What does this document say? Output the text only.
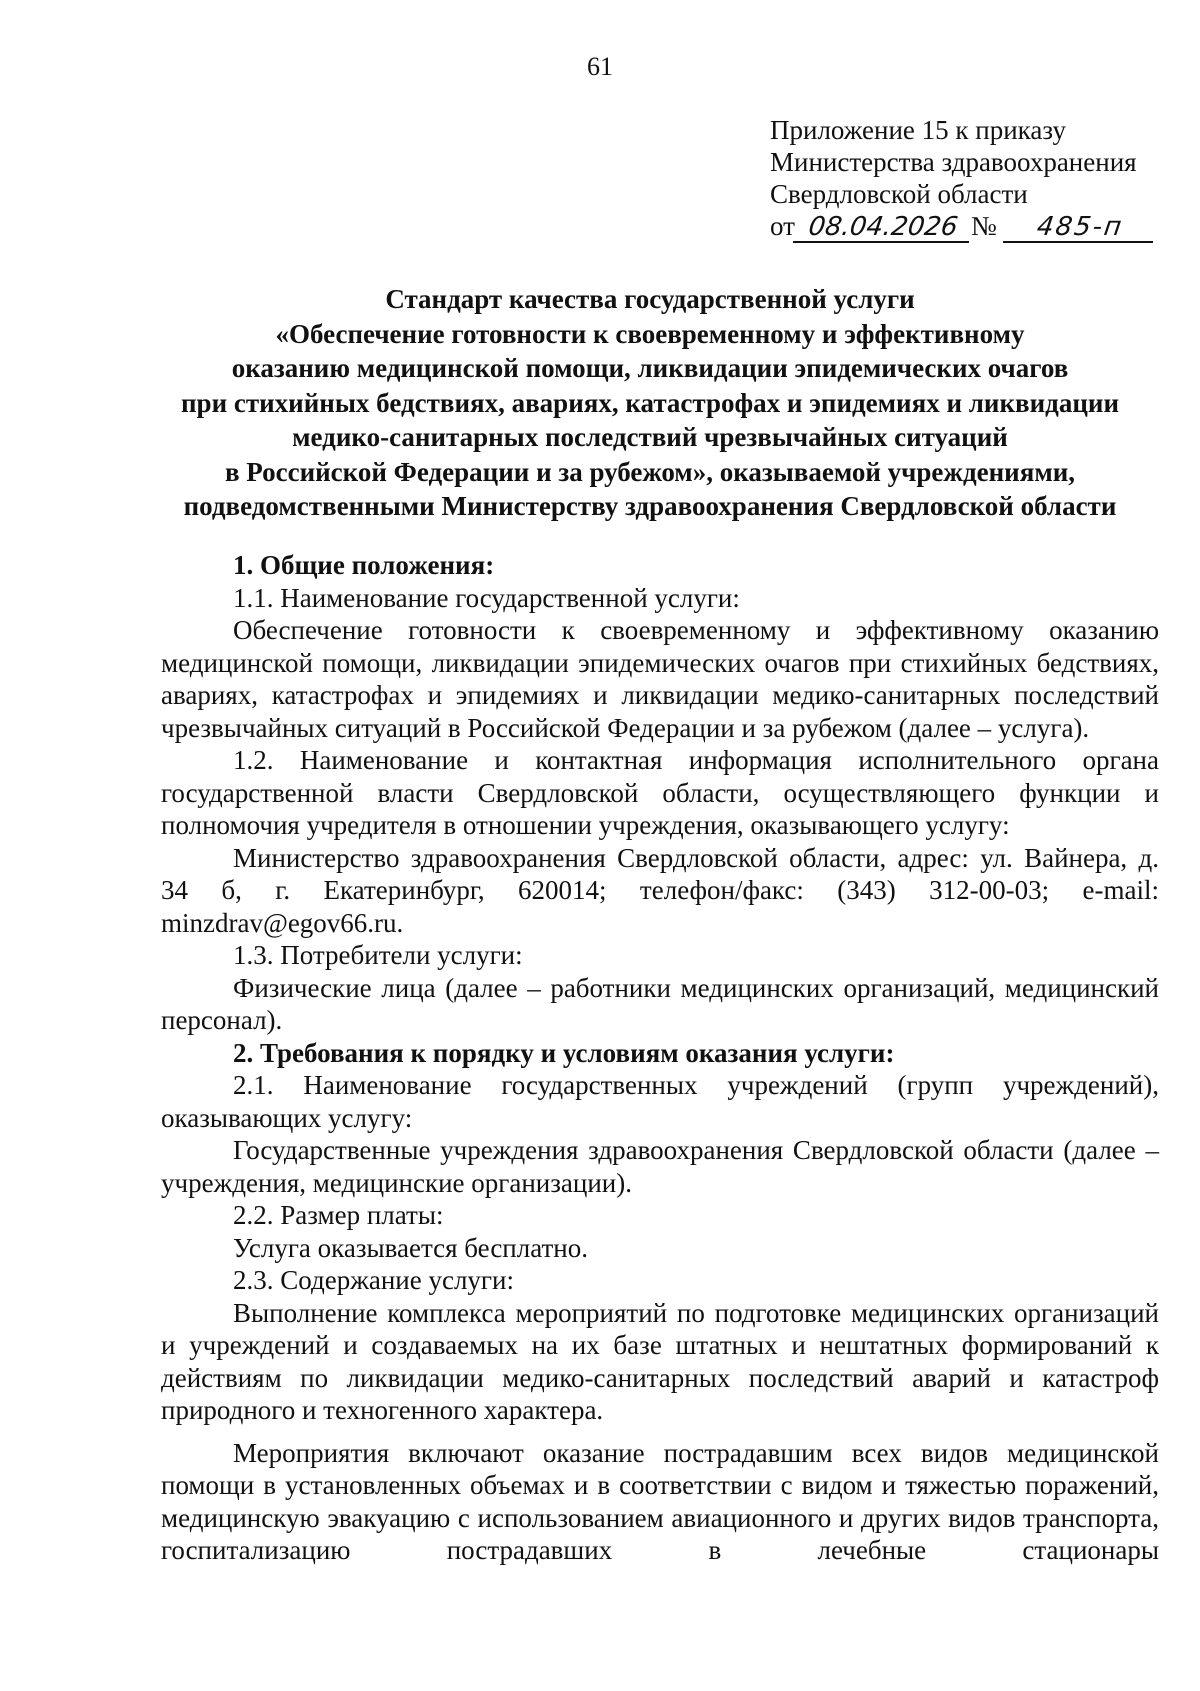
61
Приложение 15 к приказу
Министерства здравоохранения
Свердловской области
от 08.04.2026 № 485-п
Стандарт качества государственной услуги
«Обеспечение готовности к своевременному и эффективному
оказанию медицинской помощи, ликвидации эпидемических очагов
при стихийных бедствиях, авариях, катастрофах и эпидемиях и ликвидации
медико-санитарных последствий чрезвычайных ситуаций
в Российской Федерации и за рубежом», оказываемой учреждениями,
подведомственными Министерству здравоохранения Свердловской области

1. Общие положения:

1.1. Наименование государственной услуги:

Обеспечение готовности к своевременному и эффективному оказанию медицинской помощи, ликвидации эпидемических очагов при стихийных бедствиях, авариях, катастрофах и эпидемиях и ликвидации медико-санитарных последствий чрезвычайных ситуаций в Российской Федерации и за рубежом (далее – услуга).

1.2. Наименование и контактная информация исполнительного органа государственной власти Свердловской области, осуществляющего функции и полномочия учредителя в отношении учреждения, оказывающего услугу:

Министерство здравоохранения Свердловской области, адрес: ул. Вайнера, д. 34 б, г. Екатеринбург, 620014; телефон/факс: (343) 312-00-03; e-mail: minzdrav@egov66.ru.

1.3. Потребители услуги:

Физические лица (далее – работники медицинских организаций, медицинский персонал).

2. Требования к порядку и условиям оказания услуги:

2.1. Наименование государственных учреждений (групп учреждений), оказывающих услугу:

Государственные учреждения здравоохранения Свердловской области (далее – учреждения, медицинские организации).

2.2. Размер платы:

Услуга оказывается бесплатно.

2.3. Содержание услуги:

Выполнение комплекса мероприятий по подготовке медицинских организаций и учреждений и создаваемых на их базе штатных и нештатных формирований к действиям по ликвидации медико-санитарных последствий аварий и катастроф природного и техногенного характера.

Мероприятия включают оказание пострадавшим всех видов медицинской помощи в установленных объемах и в соответствии с видом и тяжестью поражений, медицинскую эвакуацию с использованием авиационного и других видов транспорта, госпитализацию пострадавших в лечебные стационары
